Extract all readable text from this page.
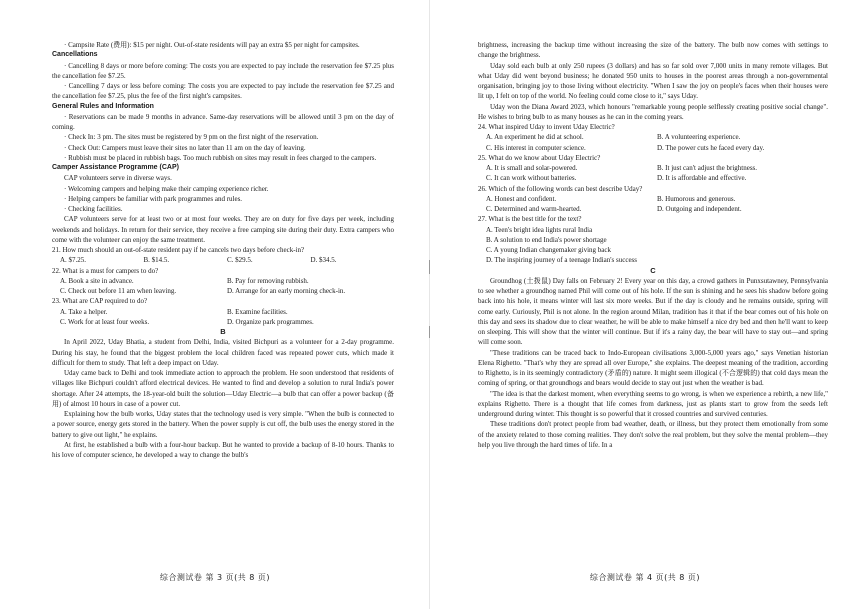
· Campsite Rate (费用): $15 per night. Out-of-state residents will pay an extra $5 per night for campsites.

Cancellations

· Cancelling 8 days or more before coming: The costs you are expected to pay include the reservation fee $7.25 plus the cancellation fee $7.25.

· Cancelling 7 days or less before coming: The costs you are expected to pay include the reservation fee $7.25 and the cancellation fee $7.25, plus the fee of the first night's campsites.

General Rules and Information

· Reservations can be made 9 months in advance. Same-day reservations will be allowed until 3 pm on the day of coming.

· Check In: 3 pm. The sites must be registered by 9 pm on the first night of the reservation.

· Check Out: Campers must leave their sites no later than 11 am on the day of leaving.

· Rubbish must be placed in rubbish bags. Too much rubbish on sites may result in fees charged to the campers.

Camper Assistance Programme (CAP)

CAP volunteers serve in diverse ways.

· Welcoming campers and helping make their camping experience richer.

· Helping campers be familiar with park programmes and rules.

· Checking facilities.

CAP volunteers serve for at least two or at most four weeks. They are on duty for five days per week, including weekends and holidays. In return for their service, they receive a free camping site during their duty. Extra campers who come with the volunteer can enjoy the same treatment.

21. How much should an out-of-state resident pay if he cancels two days before check-in?
A. $7.25.	B. $14.5.	C. $29.5.	D. $34.5.
22. What is a must for campers to do?
A. Book a site in advance.	B. Pay for removing rubbish.
C. Check out before 11 am when leaving.	D. Arrange for an early morning check-in.
23. What are CAP required to do?
A. Take a helper.	B. Examine facilities.
C. Work for at least four weeks.	D. Organize park programmes.
B

In April 2022, Uday Bhatia, a student from Delhi, India, visited Bichpuri as a volunteer for a 2-day programme. During his stay, he found that the biggest problem the local children faced was repeated power cuts, which made it difficult for them to study. That left a deep impact on Uday.

Uday came back to Delhi and took immediate action to approach the problem. He soon understood that residents of villages like Bichpuri couldn't afford electrical devices. He wanted to find and develop a solution to rural India's power shortage. After 24 attempts, the 18-year-old built the solution—Uday Electric—a bulb that can offer a power backup (备用) of almost 10 hours in case of a power cut.

Explaining how the bulb works, Uday states that the technology used is very simple. "When the bulb is connected to a power source, energy gets stored in the battery. When the power supply is cut off, the bulb uses the energy stored in the battery to give out light," he explains.

At first, he established a bulb with a four-hour backup. But he wanted to provide a backup of 8-10 hours. Thanks to his love of computer science, he developed a way to change the bulb's

综合测试卷 第 3 页(共 8 页)

brightness, increasing the backup time without increasing the size of the battery. The bulb now comes with settings to change the brightness.

Uday sold each bulb at only 250 rupees (3 dollars) and has so far sold over 7,000 units in many remote villages. But what Uday did went beyond business; he donated 950 units to houses in the poorest areas through a non-governmental organisation, bringing joy to those living without electricity. "When I saw the joy on people's faces when their houses were lit up, I felt on top of the world. No feeling could come close to it," says Uday.

Uday won the Diana Award 2023, which honours "remarkable young people selflessly creating positive social change". He wishes to bring bulb to as many houses as he can in the coming years.

24. What inspired Uday to invent Uday Electric?
A. An experiment he did at school.	B. A volunteering experience.
C. His interest in computer science.	D. The power cuts he faced every day.
25. What do we know about Uday Electric?
A. It is small and solar-powered.	B. It just can't adjust the brightness.
C. It can work without batteries.	D. It is affordable and effective.
26. Which of the following words can best describe Uday?
A. Honest and confident.	B. Humorous and generous.
C. Determined and warm-hearted.	D. Outgoing and independent.
27. What is the best title for the text?
A. Teen's bright idea lights rural India
B. A solution to end India's power shortage
C. A young Indian changemaker giving back
D. The inspiring journey of a teenage Indian's success
C

Groundhog (土拨鼠) Day falls on February 2! Every year on this day, a crowd gathers in Punxsutawney, Pennsylvania to see whether a groundhog named Phil will come out of his hole. If the sun is shining and he sees his shadow before going back into his hole, it means winter will last six more weeks. But if the day is cloudy and he remains outside, spring will come early. Curiously, Phil is not alone. In the region around Milan, tradition has it that if the bear comes out of his hole on this day and sees its shadow due to clear weather, he will be able to make himself a nice dry bed and then he'll want to keep on sleeping. This will show that the winter will continue. But if it's a rainy day, the bear will have to stay out—and spring will come soon.

"These traditions can be traced back to Indo-European civilisations 3,000-5,000 years ago," says Venetian historian Elena Righetto. "That's why they are spread all over Europe," she explains. The deepest meaning of the tradition, according to Righetto, is in its seemingly contradictory (矛盾的) nature. It might seem illogical (不合逻辑的) that cold days mean the coming of spring, or that groundhogs and bears would decide to stay out just when the weather is bad.

"The idea is that the darkest moment, when everything seems to go wrong, is when we experience a rebirth, a new life," explains Righetto. There is a thought that life comes from darkness, just as plants start to grow from the seeds left underground during winter. This thought is so powerful that it crossed countries and survived centuries.

These traditions don't protect people from bad weather, death, or illness, but they protect them emotionally from some of the anxiety related to those coming realities. They don't solve the real problem, but they solve the mental problem—they help you live through the hard times of life. In a

综合测试卷 第 4 页(共 8 页)
